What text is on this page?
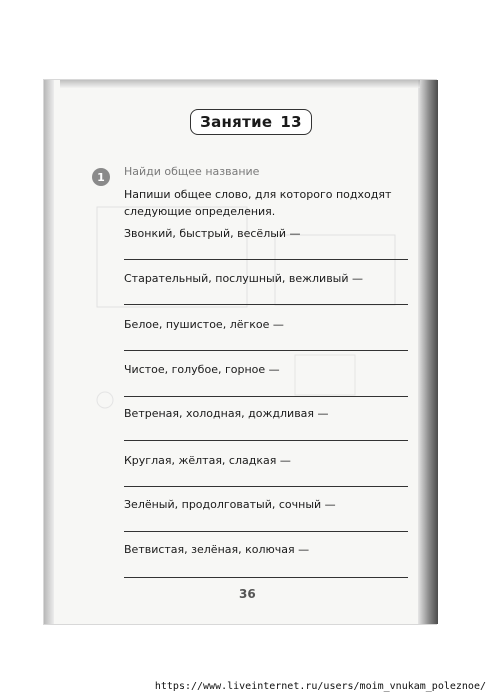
Занятие 13
1	Найди общее название
Напиши общее слово, для которого подходят следующие определения.
Звонкий, быстрый, весёлый —
Старательный, послушный, вежливый —
Белое, пушистое, лёгкое —
Чистое, голубое, горное —
Ветреная, холодная, дождливая —
Круглая, жёлтая, сладкая —
Зелёный, продолговатый, сочный —
Ветвистая, зелёная, колючая —
36
https://www.liveinternet.ru/users/moim_vnukam_poleznoe/
